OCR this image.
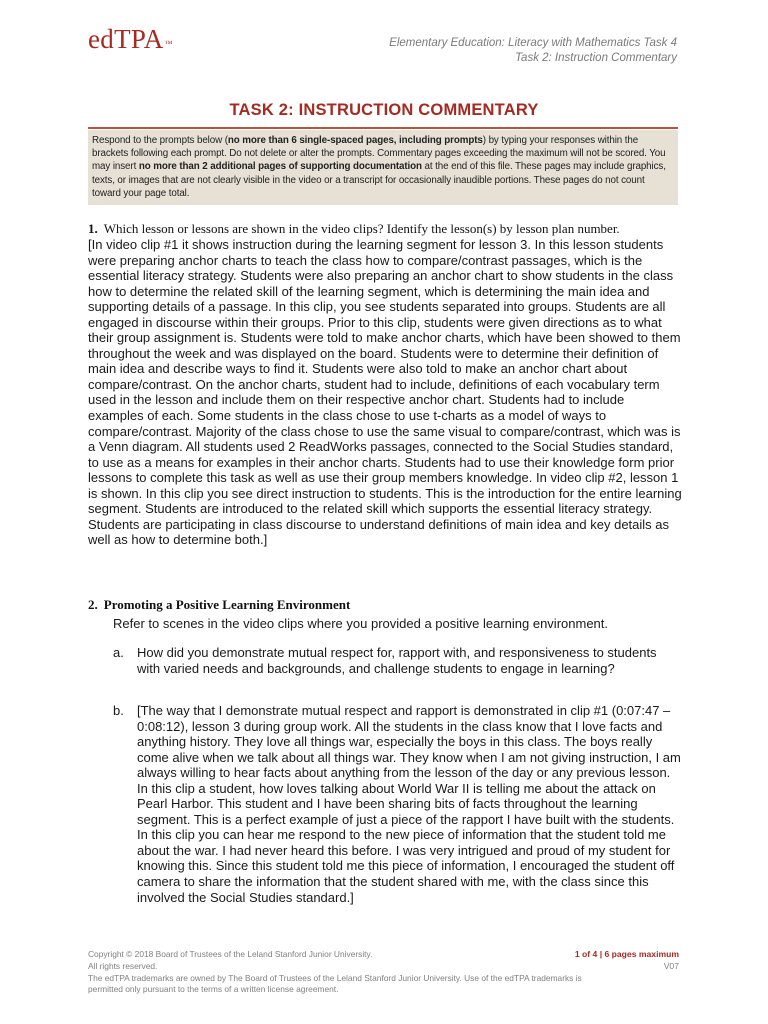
edTPA™	Elementary Education: Literacy with Mathematics Task 4
Task 2: Instruction Commentary
TASK 2: INSTRUCTION COMMENTARY
Respond to the prompts below (no more than 6 single-spaced pages, including prompts) by typing your responses within the brackets following each prompt. Do not delete or alter the prompts. Commentary pages exceeding the maximum will not be scored. You may insert no more than 2 additional pages of supporting documentation at the end of this file. These pages may include graphics, texts, or images that are not clearly visible in the video or a transcript for occasionally inaudible portions. These pages do not count toward your page total.
1. Which lesson or lessons are shown in the video clips? Identify the lesson(s) by lesson plan number.
[In video clip #1 it shows instruction during the learning segment for lesson 3. In this lesson students were preparing anchor charts to teach the class how to compare/contrast passages, which is the essential literacy strategy. Students were also preparing an anchor chart to show students in the class how to determine the related skill of the learning segment, which is determining the main idea and supporting details of a passage. In this clip, you see students separated into groups. Students are all engaged in discourse within their groups. Prior to this clip, students were given directions as to what their group assignment is. Students were told to make anchor charts, which have been showed to them throughout the week and was displayed on the board. Students were to determine their definition of main idea and describe ways to find it. Students were also told to make an anchor chart about compare/contrast. On the anchor charts, student had to include, definitions of each vocabulary term used in the lesson and include them on their respective anchor chart. Students had to include examples of each. Some students in the class chose to use t-charts as a model of ways to compare/contrast. Majority of the class chose to use the same visual to compare/contrast, which was is a Venn diagram. All students used 2 ReadWorks passages, connected to the Social Studies standard, to use as a means for examples in their anchor charts. Students had to use their knowledge form prior lessons to complete this task as well as use their group members knowledge. In video clip #2, lesson 1 is shown. In this clip you see direct instruction to students. This is the introduction for the entire learning segment. Students are introduced to the related skill which supports the essential literacy strategy. Students are participating in class discourse to understand definitions of main idea and key details as well as how to determine both.]
2. Promoting a Positive Learning Environment
Refer to scenes in the video clips where you provided a positive learning environment.
a. How did you demonstrate mutual respect for, rapport with, and responsiveness to students with varied needs and backgrounds, and challenge students to engage in learning?
b. [The way that I demonstrate mutual respect and rapport is demonstrated in clip #1 (0:07:47 – 0:08:12), lesson 3 during group work. All the students in the class know that I love facts and anything history. They love all things war, especially the boys in this class. The boys really come alive when we talk about all things war. They know when I am not giving instruction, I am always willing to hear facts about anything from the lesson of the day or any previous lesson. In this clip a student, how loves talking about World War II is telling me about the attack on Pearl Harbor. This student and I have been sharing bits of facts throughout the learning segment. This is a perfect example of just a piece of the rapport I have built with the students. In this clip you can hear me respond to the new piece of information that the student told me about the war. I had never heard this before. I was very intrigued and proud of my student for knowing this. Since this student told me this piece of information, I encouraged the student off camera to share the information that the student shared with me, with the class since this involved the Social Studies standard.]
Copyright © 2018 Board of Trustees of the Leland Stanford Junior University.
All rights reserved.
The edTPA trademarks are owned by The Board of Trustees of the Leland Stanford Junior University. Use of the edTPA trademarks is permitted only pursuant to the terms of a written license agreement.
1 of 4 | 6 pages maximum
V07
